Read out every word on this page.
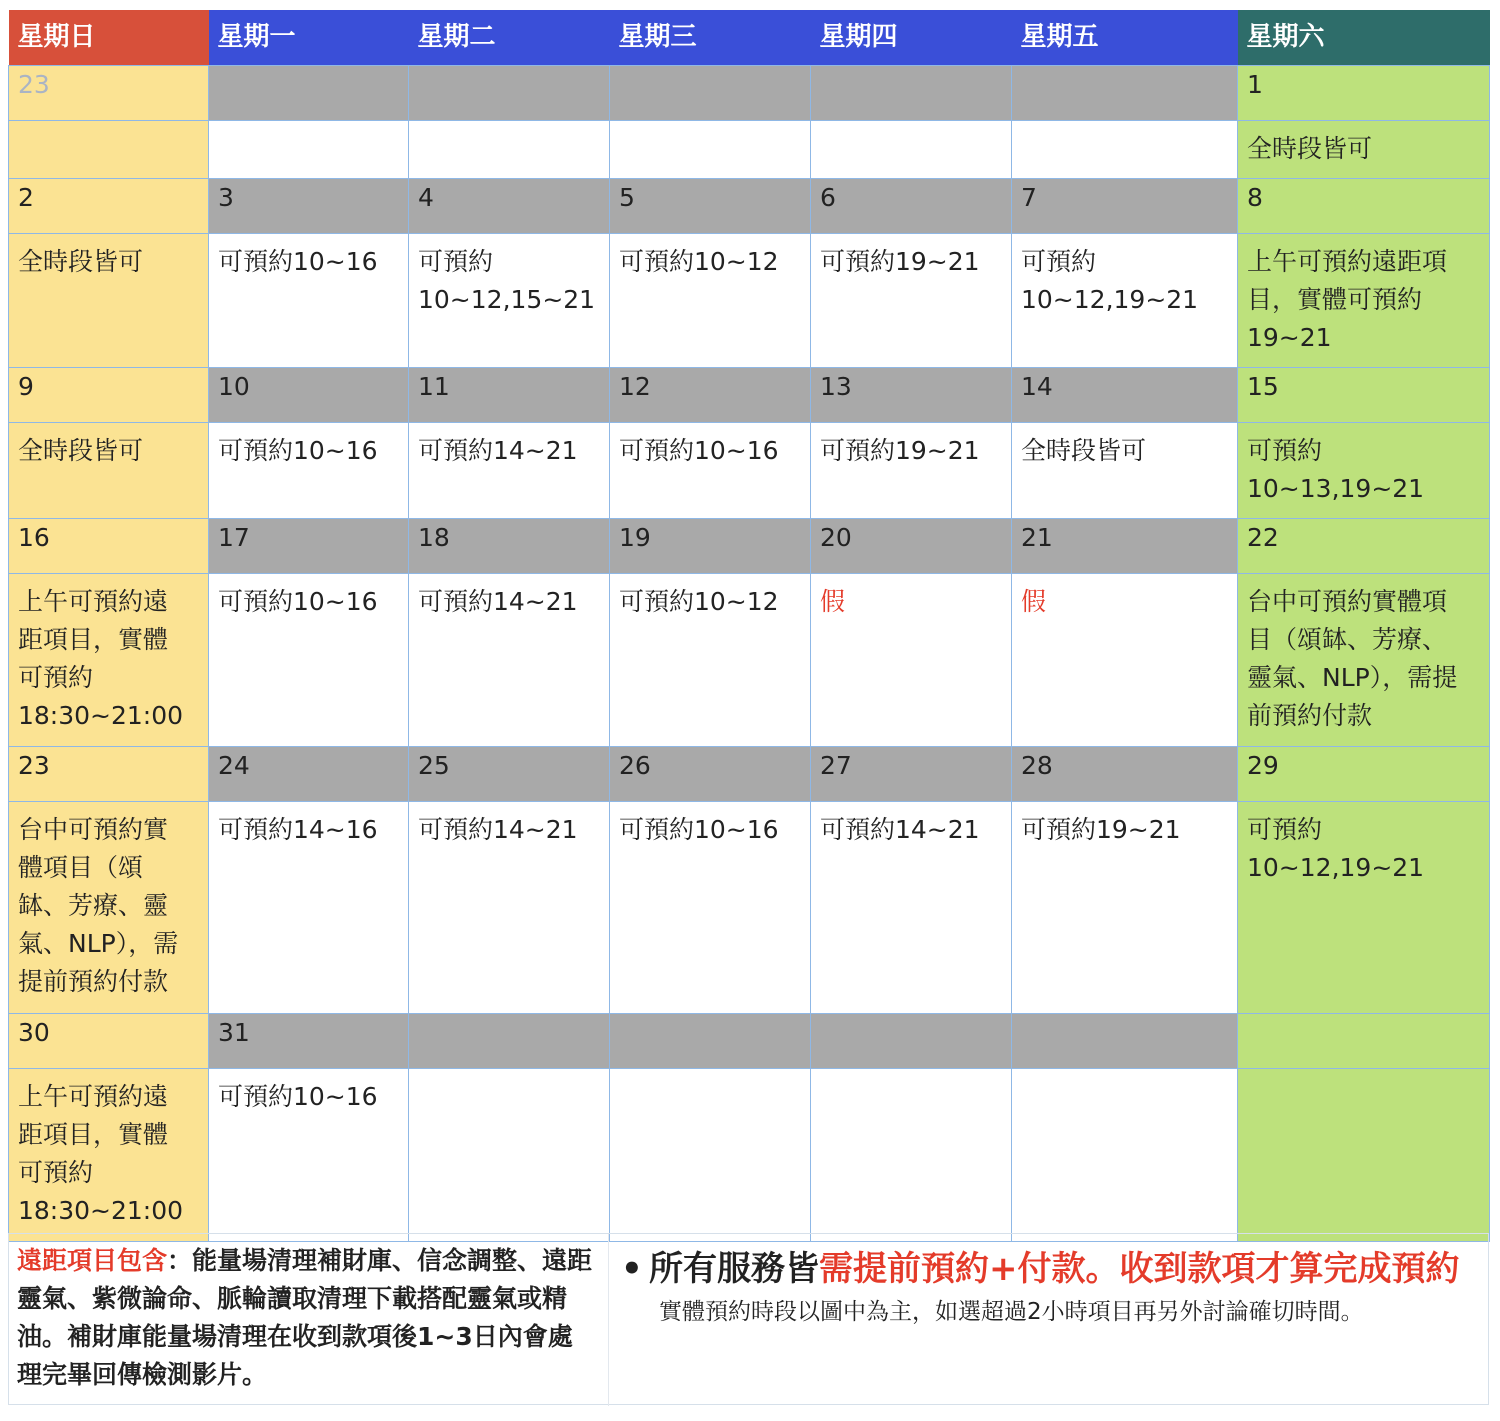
星期日	星期一	星期二	星期三	星期四	星期五	星期六
23						1
						全時段皆可
2	3	4	5	6	7	8
全時段皆可	可預約10~16	可預約
10~12,15~21	可預約10~12	可預約19~21	可預約
10~12,19~21	上午可預約遠距項
目，實體可預約
19~21
9	10	11	12	13	14	15
全時段皆可	可預約10~16	可預約14~21	可預約10~16	可預約19~21	全時段皆可	可預約
10~13,19~21
16	17	18	19	20	21	22
上午可預約遠
距項目，實體
可預約
18:30~21:00	可預約10~16	可預約14~21	可預約10~12	假	假	台中可預約實體項
目（頌缽、芳療、
靈氣、NLP），需提
前預約付款
23	24	25	26	27	28	29
台中可預約實
體項目（頌
缽、芳療、靈
氣、NLP），需
提前預約付款	可預約14~16	可預約14~21	可預約10~16	可預約14~21	可預約19~21	可預約
10~12,19~21
30	31					
上午可預約遠
距項目，實體
可預約
18:30~21:00	可預約10~16					
遠距項目包含：能量場清理補財庫、信念調整、遠距靈氣、紫微論命、脈輪讀取清理下載搭配靈氣或精油。補財庫能量場清理在收到款項後1~3日內會處理完畢回傳檢測影片。
• 所有服務皆需提前預約+付款。收到款項才算完成預約
實體預約時段以圖中為主，如選超過2小時項目再另外討論確切時間。
